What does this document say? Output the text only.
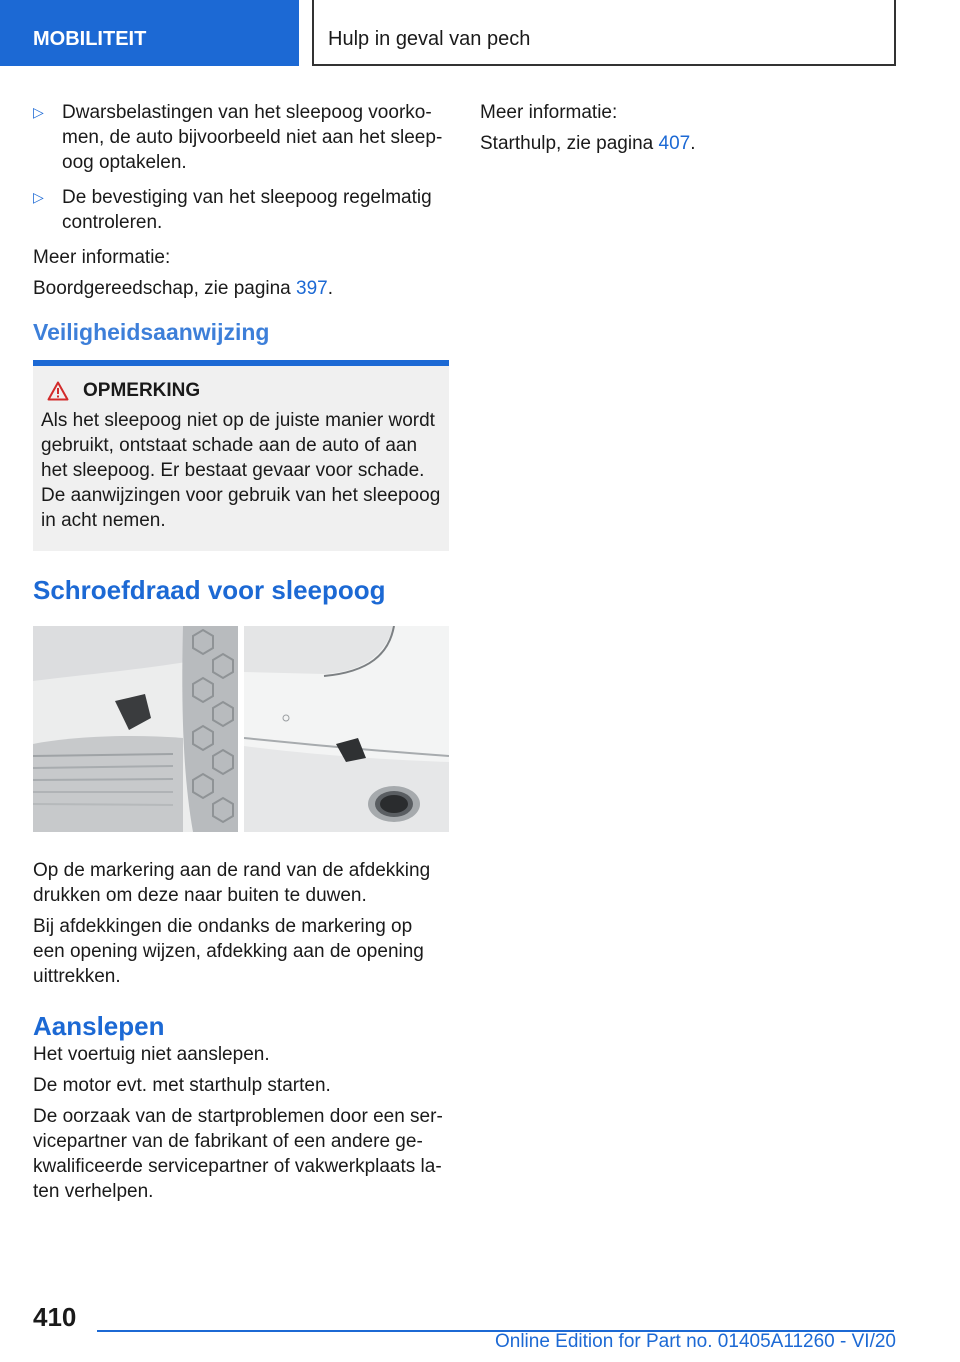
MOBILITEIT	Hulp in geval van pech
▷ Dwarsbelastingen van het sleepoog voorkomen, de auto bijvoorbeeld niet aan het sleepoog optakelen.
▷ De bevestiging van het sleepoog regelmatig controleren.
Meer informatie:
Boordgereedschap, zie pagina 397.
Veiligheidsaanwijzing
OPMERKING
Als het sleepoog niet op de juiste manier wordt gebruikt, ontstaat schade aan de auto of aan het sleepoog. Er bestaat gevaar voor schade. De aanwijzingen voor gebruik van het sleepoog in acht nemen.
Schroefdraad voor sleepoog
Op de markering aan de rand van de afdekking drukken om deze naar buiten te duwen.
Bij afdekkingen die ondanks de markering op een opening wijzen, afdekking aan de opening uittrekken.
Aanslepen
Het voertuig niet aanslepen.
De motor evt. met starthulp starten.
De oorzaak van de startproblemen door een servicepartner van de fabrikant of een andere gekwalificeerde servicepartner of vakwerkplaats laten verhelpen.
Meer informatie:
Starthulp, zie pagina 407.
410
Online Edition for Part no. 01405A11260 - VI/20
